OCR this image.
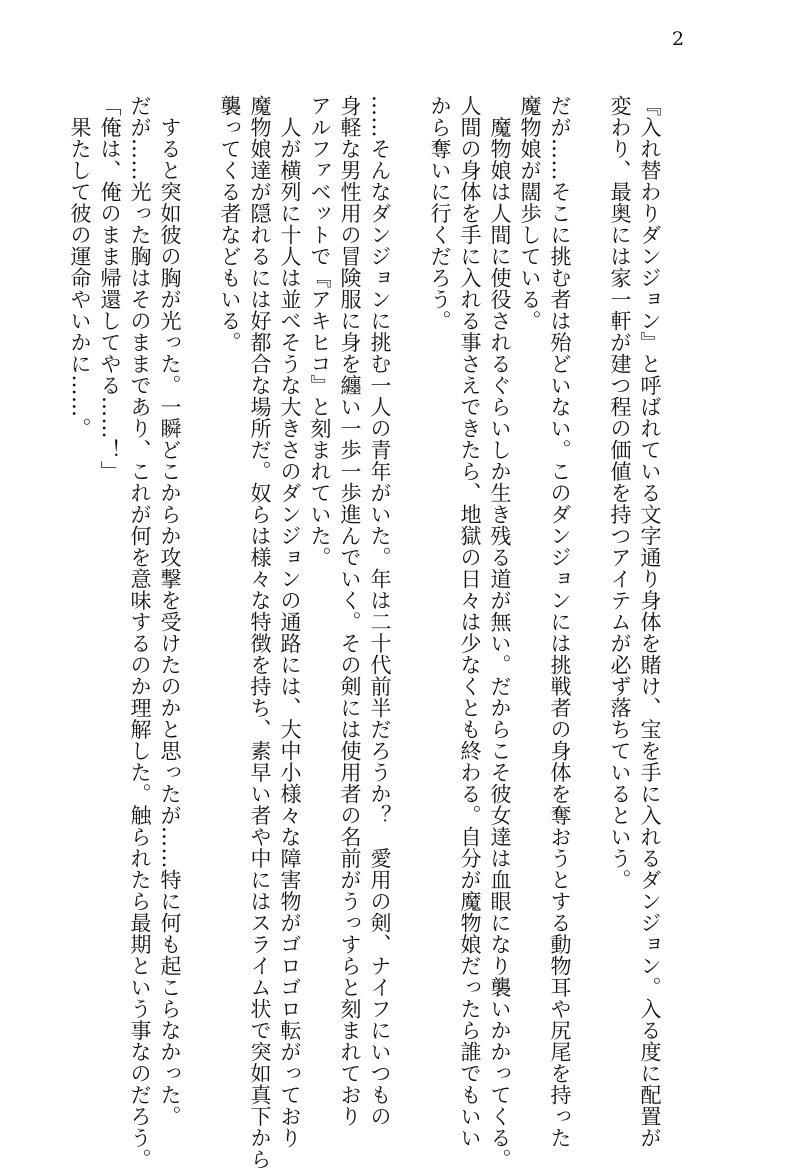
2
『入れ替わりダンジョン』と呼ばれている文字通り身体を賭け、宝を手に入れるダンジョン。入る度に配置が
変わり、最奥には家一軒が建つ程の価値を持つアイテムが必ず落ちているという。
だが……そこに挑む者は殆どいない。このダンジョンには挑戦者の身体を奪おうとする動物耳や尻尾を持った
魔物娘が闊歩している。
　魔物娘は人間に使役されるぐらいしか生き残る道が無い。だからこそ彼女達は血眼になり襲いかかってくる。
人間の身体を手に入れる事さえできたら、地獄の日々は少なくとも終わる。自分が魔物娘だったら誰でもいい
から奪いに行くだろう。
……そんなダンジョンに挑む一人の青年がいた。年は二十代前半だろうか？　愛用の剣、ナイフにいつもの
身軽な男性用の冒険服に身を纏い一歩一歩進んでいく。その剣には使用者の名前がうっすらと刻まれており
アルファベットで『アキヒコ』と刻まれていた。
　人が横列に十人は並べそうな大きさのダンジョンの通路には、大中小様々な障害物がゴロゴロ転がっており
魔物娘達が隠れるには好都合な場所だ。奴らは様々な特徴を持ち、素早い者や中にはスライム状で突如真下から
襲ってくる者などもいる。
　すると突如彼の胸が光った。一瞬どこからか攻撃を受けたのかと思ったが……特に何も起こらなかった。
だが……光った胸はそのままであり、これが何を意味するのか理解した。触られたら最期という事なのだろう。
「俺は、俺のまま帰還してやる……！」
　果たして彼の運命やいかに……。
